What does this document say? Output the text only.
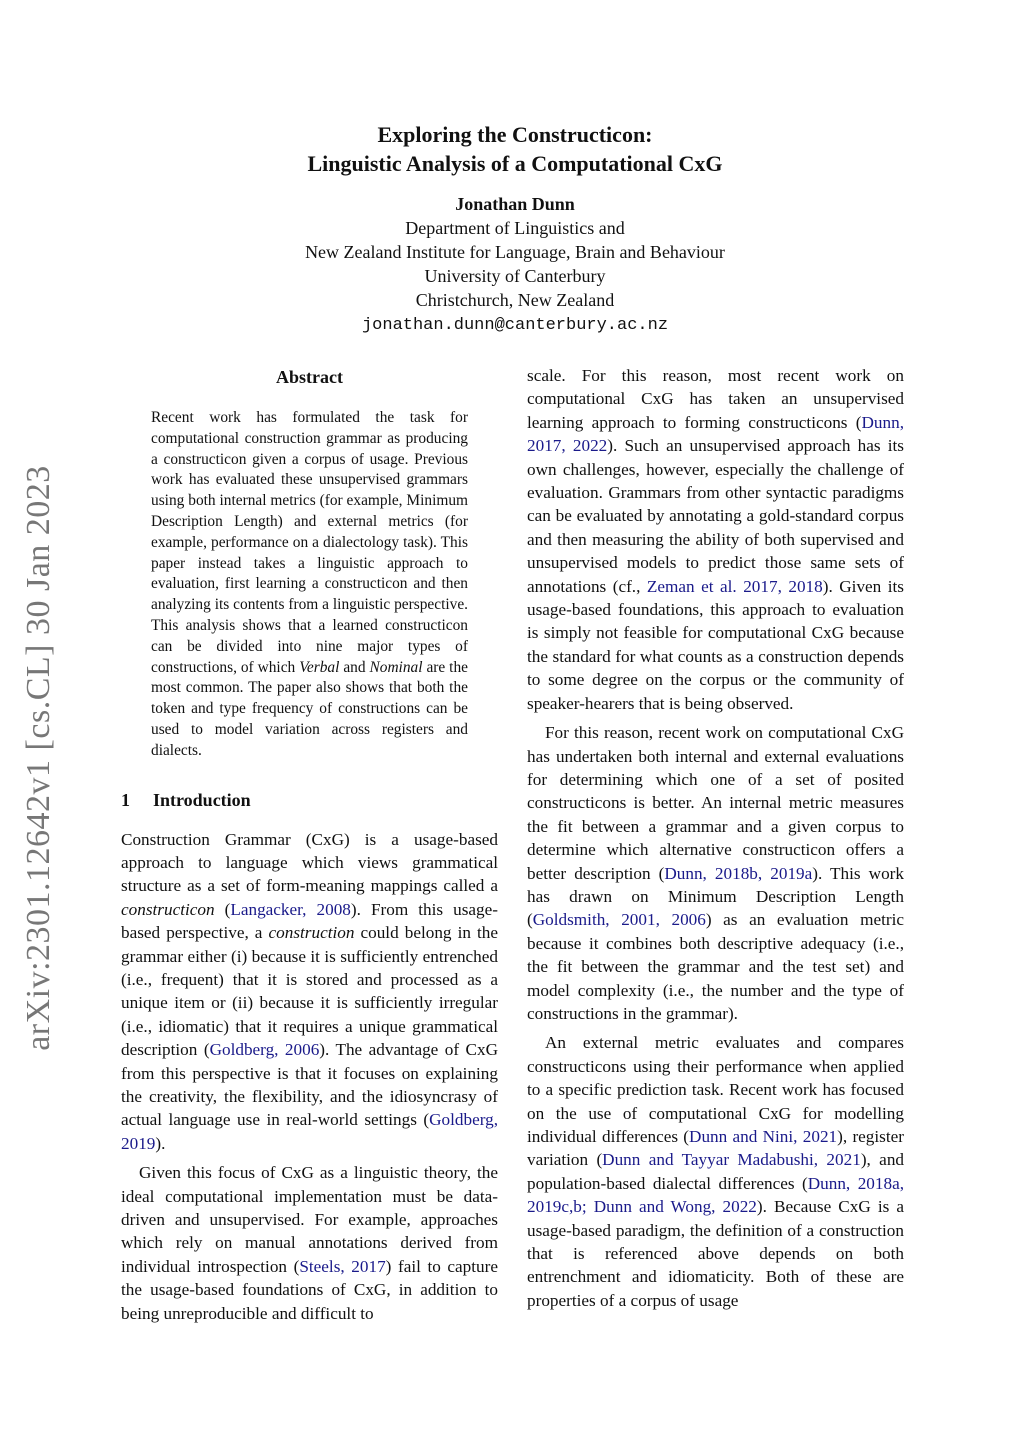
arXiv:2301.12642v1 [cs.CL] 30 Jan 2023
Exploring the Constructicon:
Linguistic Analysis of a Computational CxG
Jonathan Dunn
Department of Linguistics and
New Zealand Institute for Language, Brain and Behaviour
University of Canterbury
Christchurch, New Zealand
jonathan.dunn@canterbury.ac.nz
Abstract

Recent work has formulated the task for computational construction grammar as producing a constructicon given a corpus of usage. Previous work has evaluated these unsupervised grammars using both internal metrics (for example, Minimum Description Length) and external metrics (for example, performance on a dialectology task). This paper instead takes a linguistic approach to evaluation, first learning a constructicon and then analyzing its contents from a linguistic perspective. This analysis shows that a learned constructicon can be divided into nine major types of constructions, of which Verbal and Nominal are the most common. The paper also shows that both the token and type frequency of constructions can be used to model variation across registers and dialects.

1 Introduction

Construction Grammar (CxG) is a usage-based approach to language which views grammatical structure as a set of form-meaning mappings called a constructicon (Langacker, 2008). From this usage-based perspective, a construction could belong in the grammar either (i) because it is sufficiently entrenched (i.e., frequent) that it is stored and processed as a unique item or (ii) because it is sufficiently irregular (i.e., idiomatic) that it requires a unique grammatical description (Goldberg, 2006). The advantage of CxG from this perspective is that it focuses on explaining the creativity, the flexibility, and the idiosyncrasy of actual language use in real-world settings (Goldberg, 2019).

Given this focus of CxG as a linguistic theory, the ideal computational implementation must be data-driven and unsupervised. For example, approaches which rely on manual annotations derived from individual introspection (Steels, 2017) fail to capture the usage-based foundations of CxG, in addition to being unreproducible and difficult to

scale. For this reason, most recent work on computational CxG has taken an unsupervised learning approach to forming constructicons (Dunn, 2017, 2022). Such an unsupervised approach has its own challenges, however, especially the challenge of evaluation. Grammars from other syntactic paradigms can be evaluated by annotating a gold-standard corpus and then measuring the ability of both supervised and unsupervised models to predict those same sets of annotations (cf., Zeman et al. 2017, 2018). Given its usage-based foundations, this approach to evaluation is simply not feasible for computational CxG because the standard for what counts as a construction depends to some degree on the corpus or the community of speaker-hearers that is being observed.

For this reason, recent work on computational CxG has undertaken both internal and external evaluations for determining which one of a set of posited constructicons is better. An internal metric measures the fit between a grammar and a given corpus to determine which alternative constructicon offers a better description (Dunn, 2018b, 2019a). This work has drawn on Minimum Description Length (Goldsmith, 2001, 2006) as an evaluation metric because it combines both descriptive adequacy (i.e., the fit between the grammar and the test set) and model complexity (i.e., the number and the type of constructions in the grammar).

An external metric evaluates and compares constructicons using their performance when applied to a specific prediction task. Recent work has focused on the use of computational CxG for modelling individual differences (Dunn and Nini, 2021), register variation (Dunn and Tayyar Madabushi, 2021), and population-based dialectal differences (Dunn, 2018a, 2019c,b; Dunn and Wong, 2022). Because CxG is a usage-based paradigm, the definition of a construction that is referenced above depends on both entrenchment and idiomaticity. Both of these are properties of a corpus of usage
